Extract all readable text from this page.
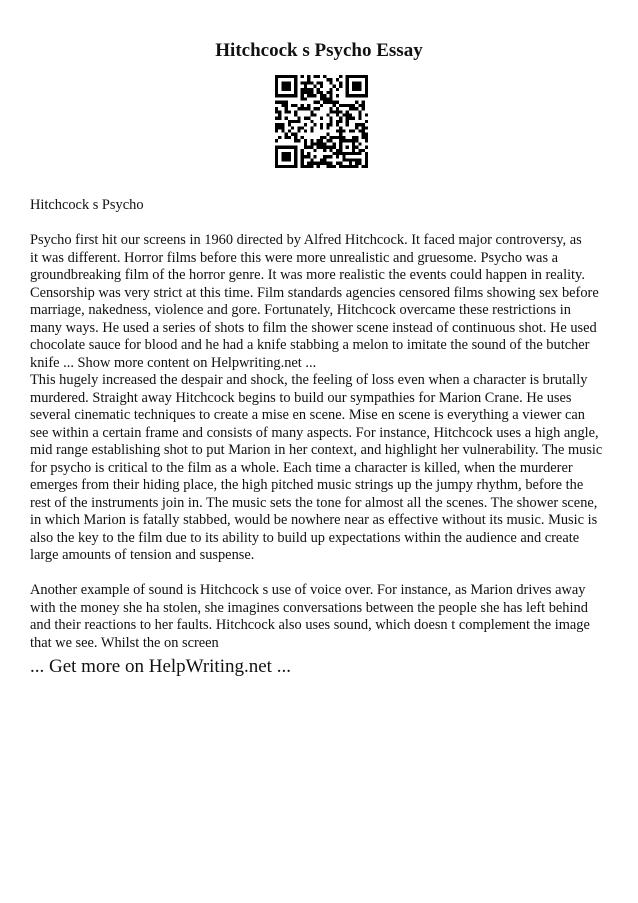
Hitchcock s Psycho Essay

Hitchcock s Psycho

Psycho first hit our screens in 1960 directed by Alfred Hitchcock. It faced major controversy, as
it was different. Horror films before this were more unrealistic and gruesome. Psycho was a
groundbreaking film of the horror genre. It was more realistic the events could happen in reality.
Censorship was very strict at this time. Film standards agencies censored films showing sex before
marriage, nakedness, violence and gore. Fortunately, Hitchcock overcame these restrictions in
many ways. He used a series of shots to film the shower scene instead of continuous shot. He used
chocolate sauce for blood and he had a knife stabbing a melon to imitate the sound of the butcher
knife ... Show more content on Helpwriting.net ...

This hugely increased the despair and shock, the feeling of loss even when a character is brutally
murdered. Straight away Hitchcock begins to build our sympathies for Marion Crane. He uses
several cinematic techniques to create a mise en scene. Mise en scene is everything a viewer can
see within a certain frame and consists of many aspects. For instance, Hitchcock uses a high angle,
mid range establishing shot to put Marion in her context, and highlight her vulnerability. The music
for psycho is critical to the film as a whole. Each time a character is killed, when the murderer
emerges from their hiding place, the high pitched music strings up the jumpy rhythm, before the
rest of the instruments join in. The music sets the tone for almost all the scenes. The shower scene,
in which Marion is fatally stabbed, would be nowhere near as effective without its music. Music is
also the key to the film due to its ability to build up expectations within the audience and create
large amounts of tension and suspense.

Another example of sound is Hitchcock s use of voice over. For instance, as Marion drives away
with the money she ha stolen, she imagines conversations between the people she has left behind
and their reactions to her faults. Hitchcock also uses sound, which doesn t complement the image
that we see. Whilst the on screen

... Get more on HelpWriting.net ...
